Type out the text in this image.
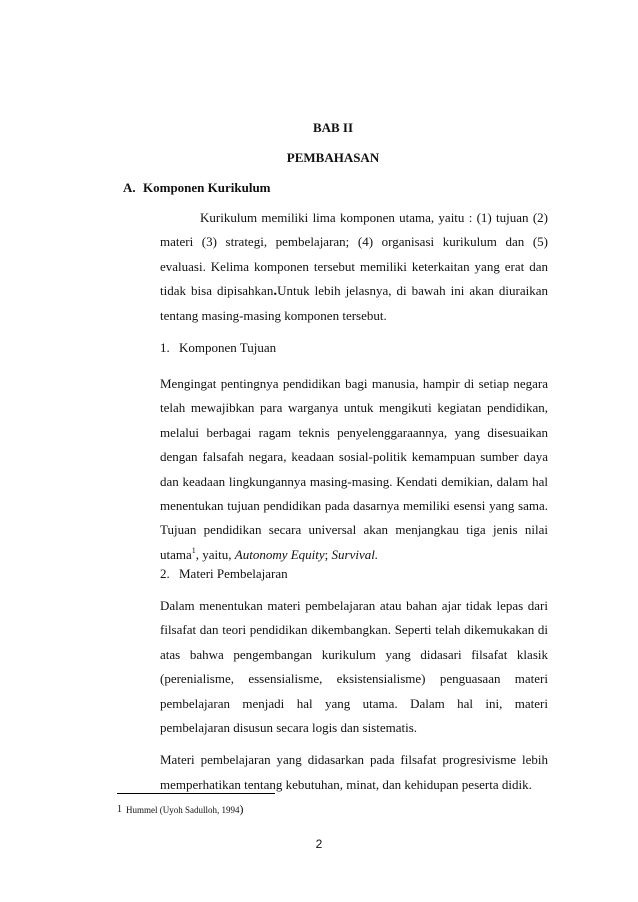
BAB II
PEMBAHASAN
A. Komponen Kurikulum

Kurikulum memiliki lima komponen utama, yaitu : (1) tujuan (2) materi (3) strategi, pembelajaran; (4) organisasi kurikulum dan (5) evaluasi. Kelima komponen tersebut memiliki keterkaitan yang erat dan tidak bisa dipisahkan.Untuk lebih jelasnya, di bawah ini akan diuraikan tentang masing-masing komponen tersebut.

1. Komponen Tujuan

Mengingat pentingnya pendidikan bagi manusia, hampir di setiap negara telah mewajibkan para warganya untuk mengikuti kegiatan pendidikan, melalui berbagai ragam teknis penyelenggaraannya, yang disesuaikan dengan falsafah negara, keadaan sosial-politik kemampuan sumber daya dan keadaan lingkungannya masing-masing. Kendati demikian, dalam hal menentukan tujuan pendidikan pada dasarnya memiliki esensi yang sama. Tujuan pendidikan secara universal akan menjangkau tiga jenis nilai utama$^1$, yaitu, Autonomy Equity; Survival.

2. Materi Pembelajaran

Dalam menentukan materi pembelajaran atau bahan ajar tidak lepas dari filsafat dan teori pendidikan dikembangkan. Seperti telah dikemukakan di atas bahwa pengembangan kurikulum yang didasari filsafat klasik (perenialisme, essensialisme, eksistensialisme) penguasaan materi pembelajaran menjadi hal yang utama. Dalam hal ini, materi pembelajaran disusun secara logis dan sistematis.

Materi pembelajaran yang didasarkan pada filsafat progresivisme lebih memperhatikan tentang kebutuhan, minat, dan kehidupan peserta didik.

1 Hummel (Uyoh Sadulloh, 1994)
2
